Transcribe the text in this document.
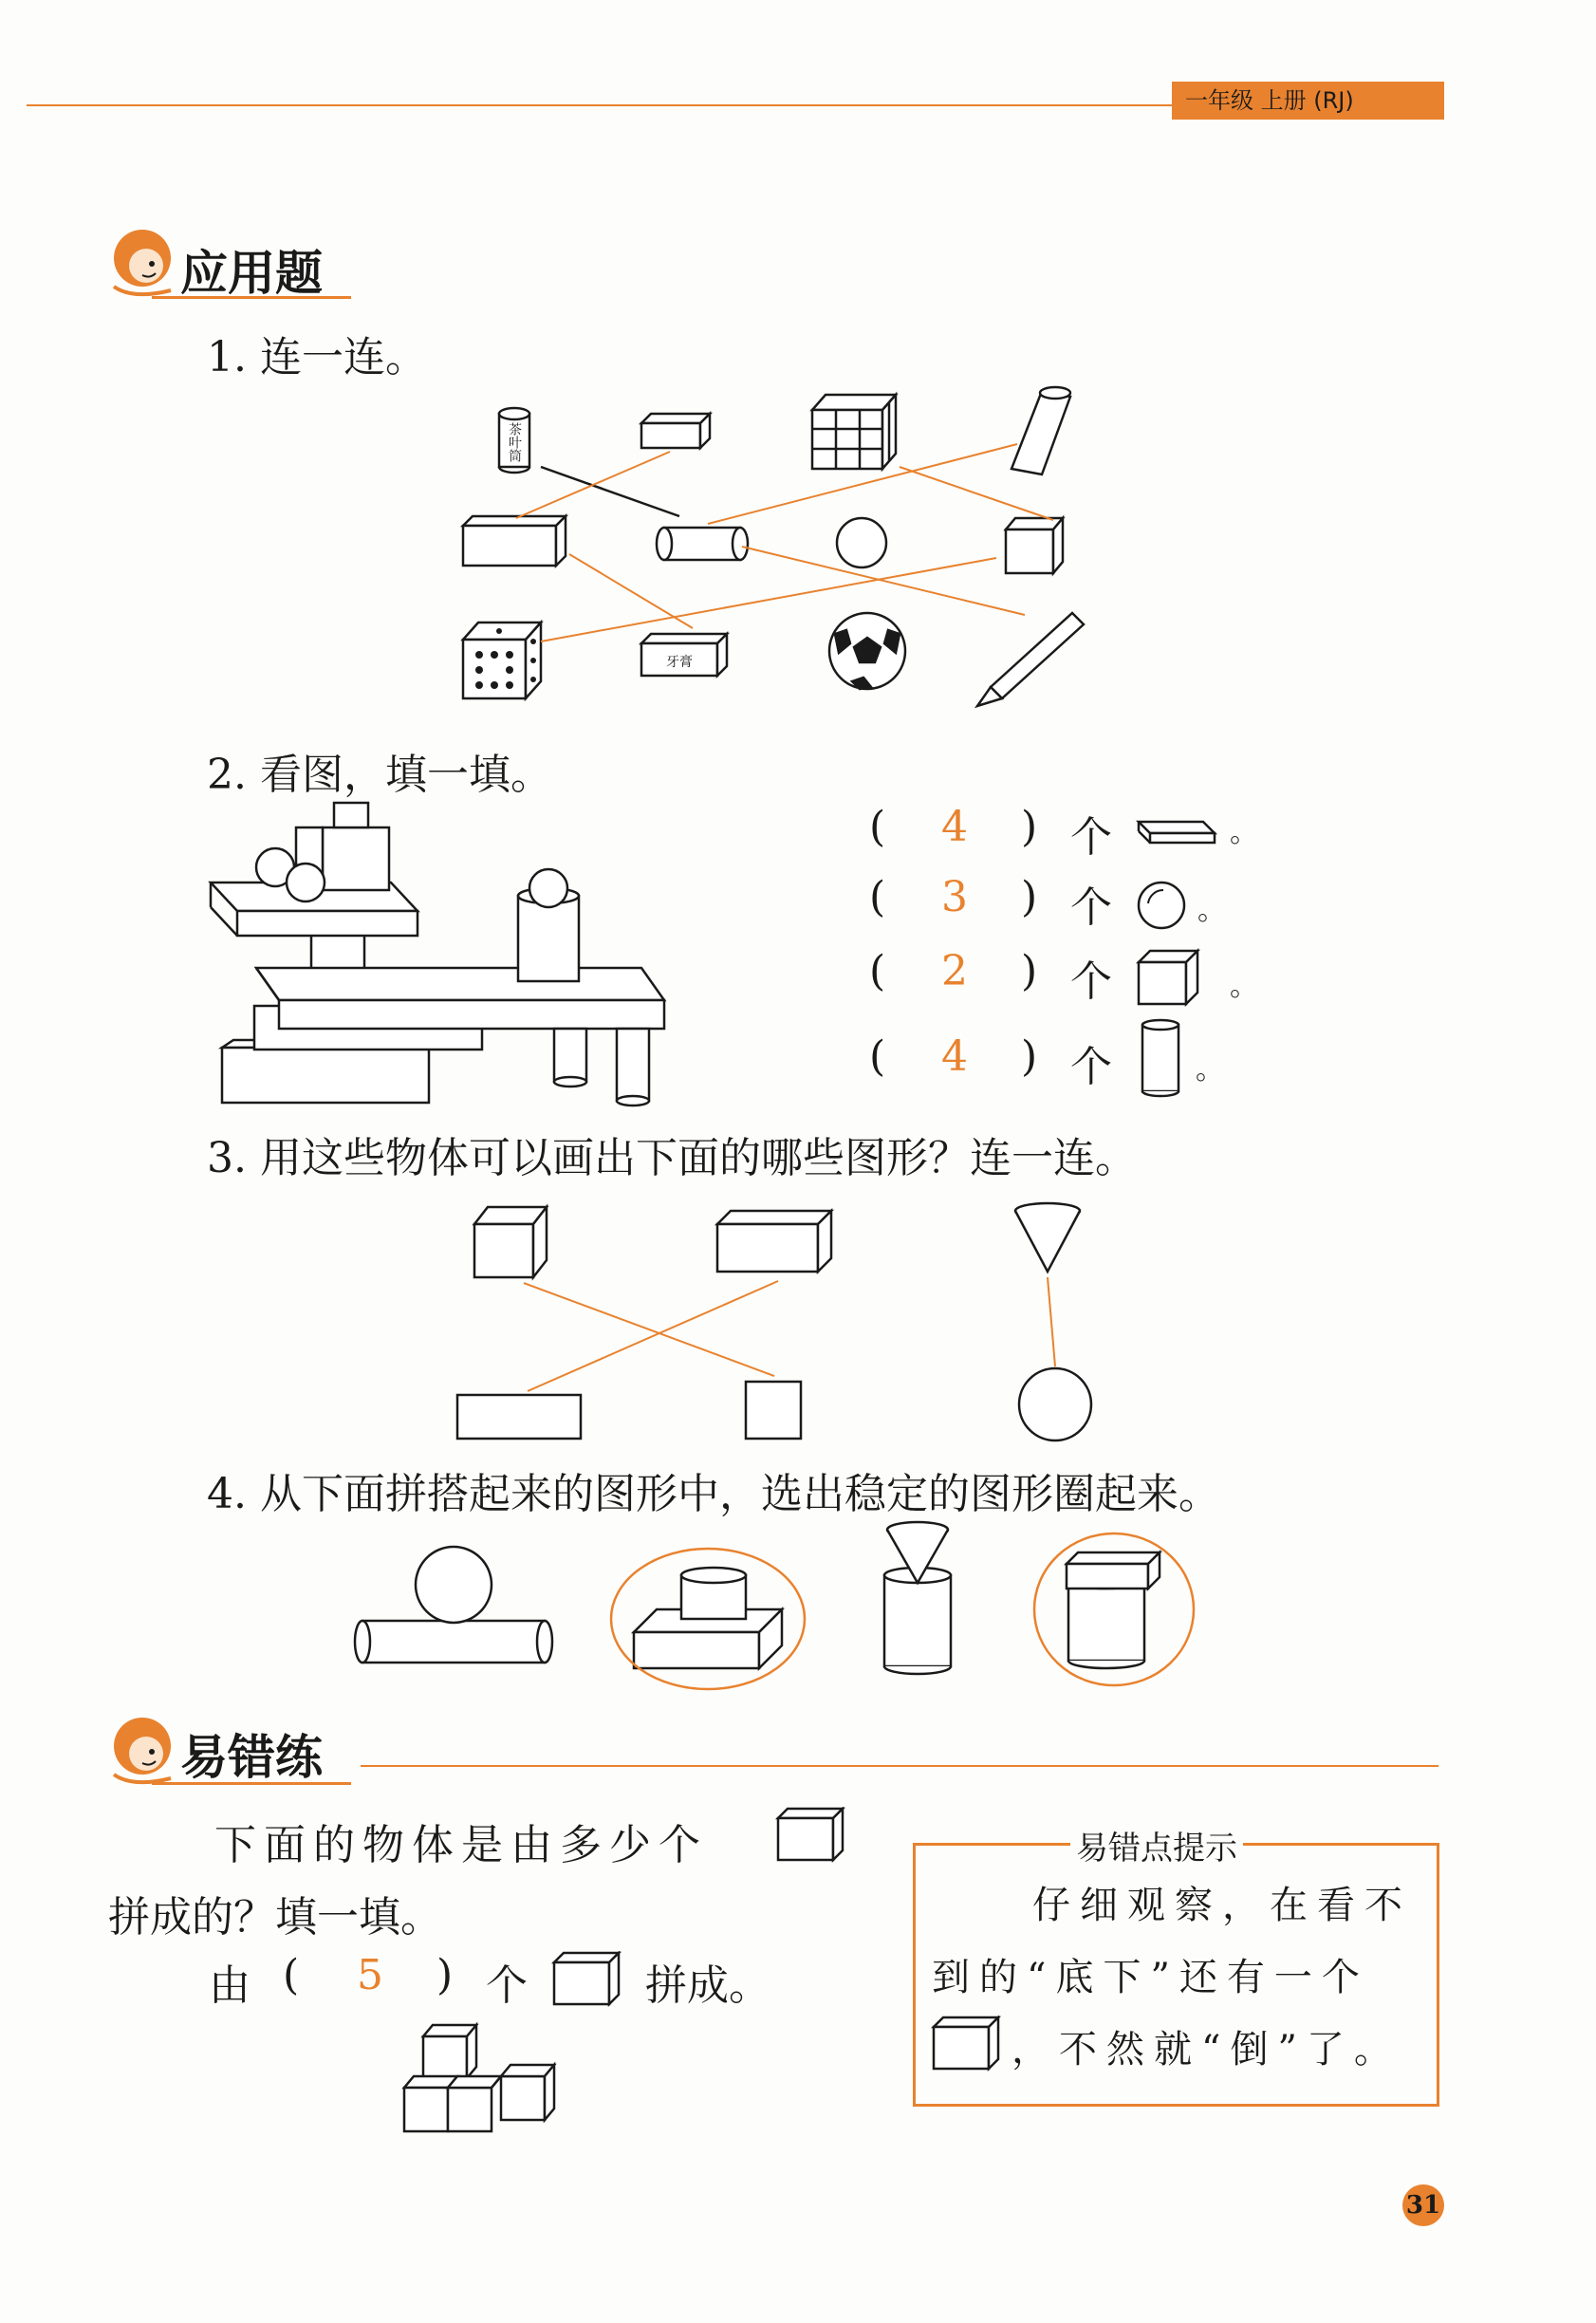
一年级 上册 (RJ)
应用题
1. 连一连。
茶叶筒
牙膏
2. 看图，填一填。
( 4 ) 个	。
( 3 ) 个	。
( 2 ) 个	。
( 4 ) 个	。
3. 用这些物体可以画出下面的哪些图形？连一连。
4. 从下面拼搭起来的图形中，选出稳定的图形圈起来。
易错练
下面的物体是由多少个
拼成的？填一填。
由 ( 5 ) 个	拼成。
易错点提示
仔细观察，在看不
到的“底下”还有一个
，不然就“倒”了。
31
